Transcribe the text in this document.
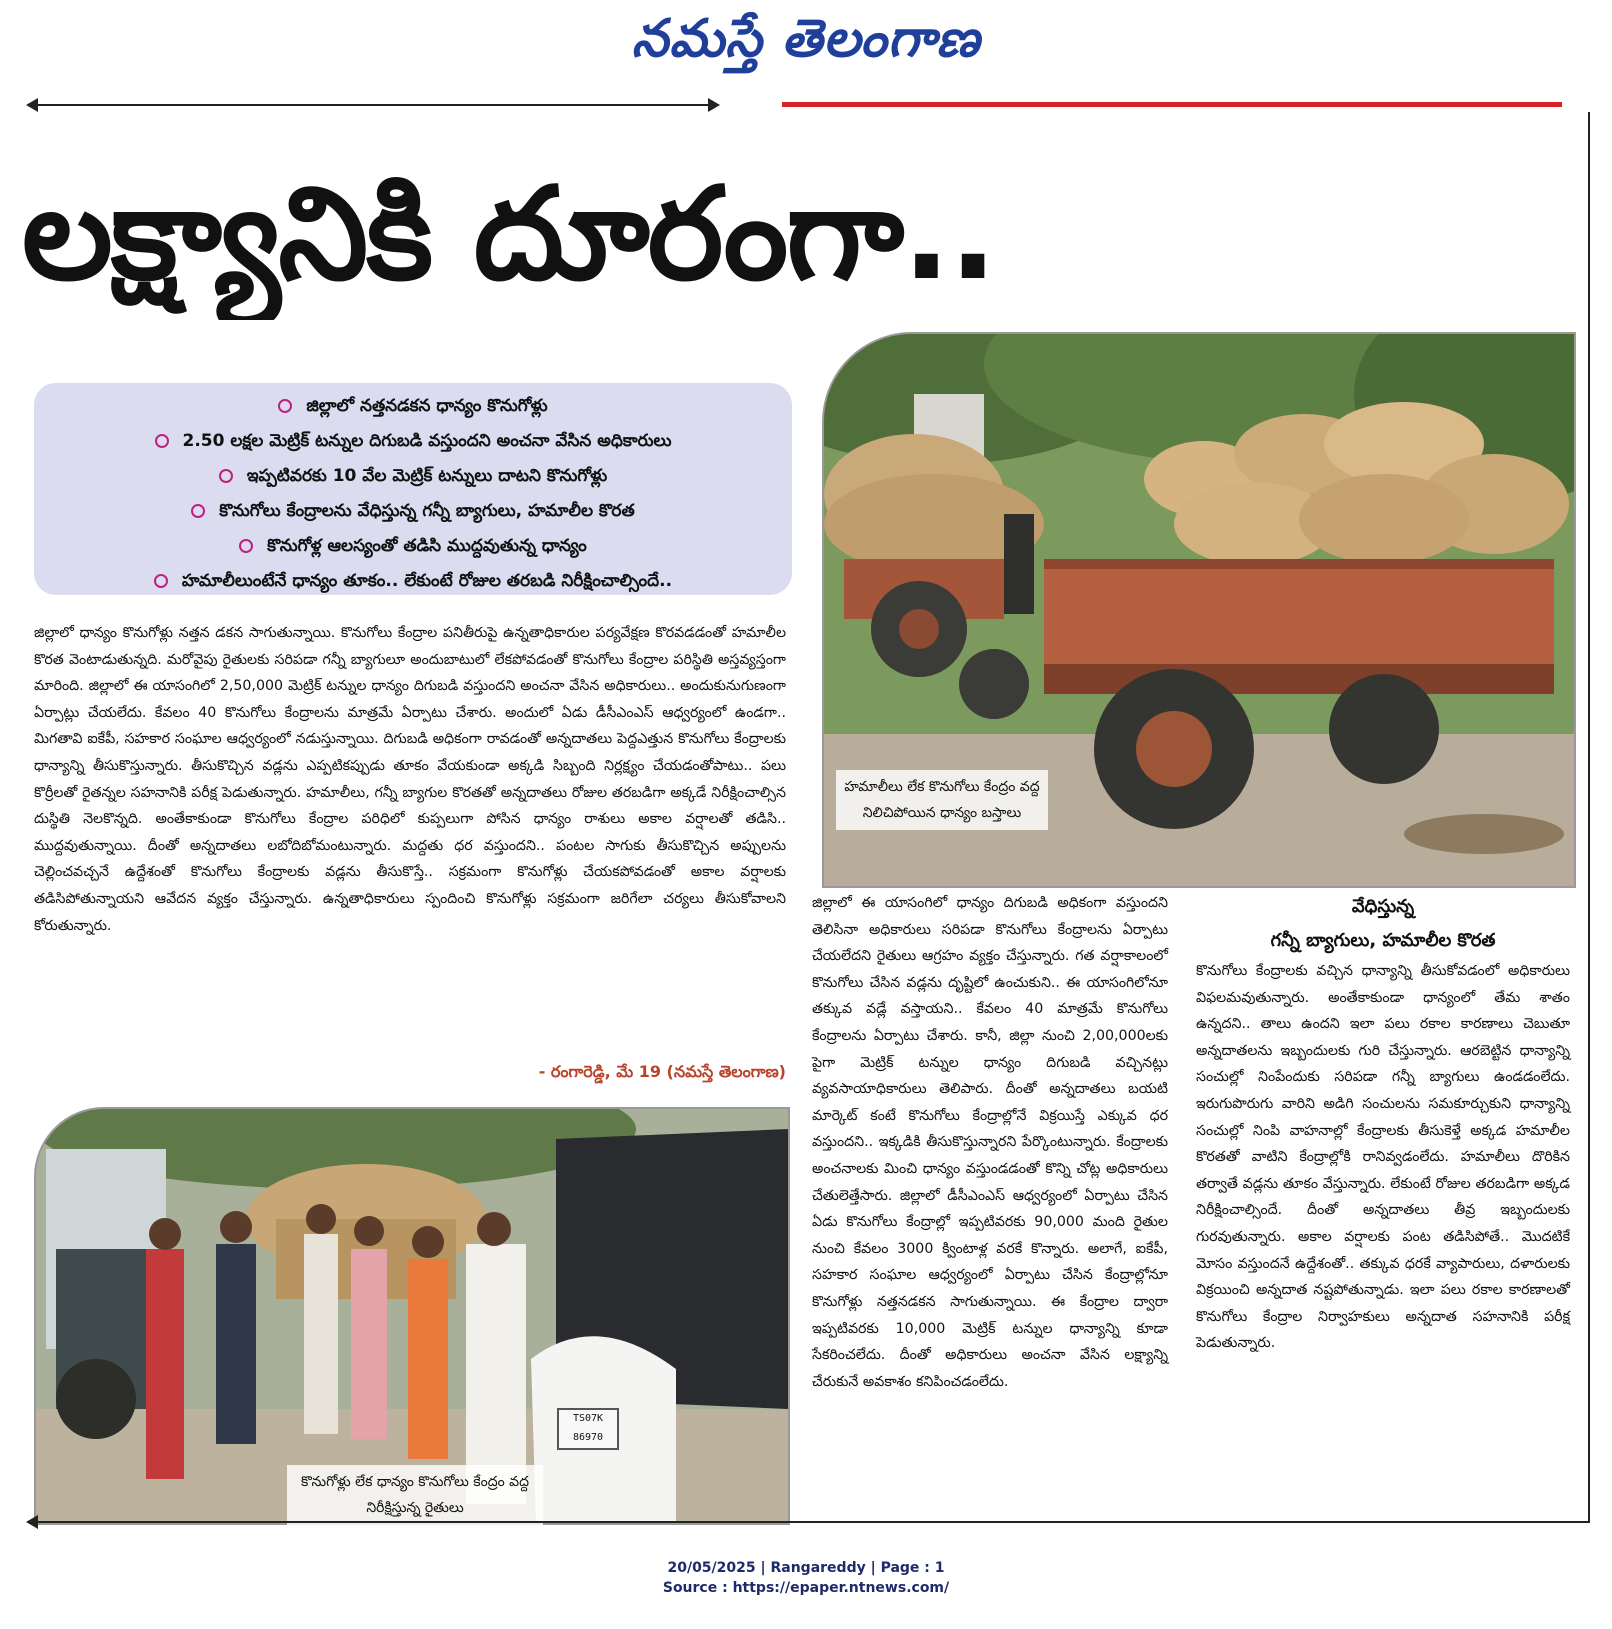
నమస్తే తెలంగాణ
లక్ష్యానికి దూరంగా..
జిల్లాలో నత్తనడకన ధాన్యం కొనుగోళ్లు
2.50 లక్షల మెట్రిక్ టన్నుల దిగుబడి వస్తుందని అంచనా వేసిన అధికారులు
ఇప్పటివరకు 10 వేల మెట్రిక్ టన్నులు దాటని కొనుగోళ్లు
కొనుగోలు కేంద్రాలను వేధిస్తున్న గన్నీ బ్యాగులు, హమాలీల కొరత
కొనుగోళ్ల ఆలస్యంతో తడిసి ముద్దవుతున్న ధాన్యం
హమాలీలుంటేనే ధాన్యం తూకం.. లేకుంటే రోజుల తరబడి నిరీక్షించాల్సిందే..
జిల్లాలో ధాన్యం కొనుగోళ్లు నత్తన డకన సాగుతున్నాయి. కొనుగోలు కేంద్రాల పనితీరుపై ఉన్నతాధికారుల పర్యవేక్షణ కొరవడడంతో హమాలీల కొరత వెంటాడుతున్నది. మరోవైపు రైతులకు సరిపడా గన్నీ బ్యాగులూ అందుబాటులో లేకపోవడంతో కొనుగోలు కేంద్రాల పరిస్థితి అస్తవ్యస్తంగా మారింది. జిల్లాలో ఈ యాసంగిలో 2,50,000 మెట్రిక్ టన్నుల ధాన్యం దిగుబడి వస్తుందని అంచనా వేసిన అధికారులు.. అందుకునుగుణంగా ఏర్పాట్లు చేయలేదు. కేవలం 40 కొనుగోలు కేంద్రాలను మాత్రమే ఏర్పాటు చేశారు. అందులో ఏడు డీసీఎంఎస్ ఆధ్వర్యంలో ఉండగా.. మిగతావి ఐకేపీ, సహకార సంఘాల ఆధ్వర్యంలో నడుస్తున్నాయి. దిగుబడి అధికంగా రావడంతో అన్నదాతలు పెద్దఎత్తున కొనుగోలు కేంద్రాలకు ధాన్యాన్ని తీసుకొస్తున్నారు. తీసుకొచ్చిన వడ్లను ఎప్పటికప్పుడు తూకం వేయకుండా అక్కడి సిబ్బంది నిర్లక్ష్యం చేయడంతోపాటు.. పలు కొర్రీలతో రైతన్నల సహనానికి పరీక్ష పెడుతున్నారు. హమాలీలు, గన్నీ బ్యాగుల కొరతతో అన్నదాతలు రోజుల తరబడిగా అక్కడే నిరీక్షించాల్సిన దుస్థితి నెలకొన్నది. అంతేకాకుండా కొనుగోలు కేంద్రాల పరిధిలో కుప్పలుగా పోసిన ధాన్యం రాశులు అకాల వర్షాలతో తడిసి.. ముద్దవుతున్నాయి. దీంతో అన్నదాతలు లబోదిబోమంటున్నారు. మద్దతు ధర వస్తుందని.. పంటల సాగుకు తీసుకొచ్చిన అప్పులను చెల్లించవచ్చనే ఉద్దేశంతో కొనుగోలు కేంద్రాలకు వడ్లను తీసుకొస్తే.. సక్రమంగా కొనుగోళ్లు చేయకపోవడంతో అకాల వర్షాలకు తడిసిపోతున్నాయని ఆవేదన వ్యక్తం చేస్తున్నారు. ఉన్నతాధికారులు స్పందించి కొనుగోళ్లు సక్రమంగా జరిగేలా చర్యలు తీసుకోవాలని కోరుతున్నారు.
- రంగారెడ్డి, మే 19 (నమస్తే తెలంగాణ)
హమాలీలు లేక కొనుగోలు కేంద్రం వద్ద నిలిచిపోయిన ధాన్యం బస్తాలు
TS07K 86970
కొనుగోళ్లు లేక ధాన్యం కొనుగోలు కేంద్రం వద్ద నిరీక్షిస్తున్న రైతులు
జిల్లాలో ఈ యాసంగిలో ధాన్యం దిగుబడి అధికంగా వస్తుందని తెలిసినా అధికారులు సరిపడా కొనుగోలు కేంద్రాలను ఏర్పాటు చేయలేదని రైతులు ఆగ్రహం వ్యక్తం చేస్తున్నారు. గత వర్షాకాలంలో కొనుగోలు చేసిన వడ్లను దృష్టిలో ఉంచుకుని.. ఈ యాసంగిలోనూ తక్కువ వడ్లే వస్తాయని.. కేవలం 40 మాత్రమే కొనుగోలు కేంద్రాలను ఏర్పాటు చేశారు. కానీ, జిల్లా నుంచి 2,00,000లకు పైగా మెట్రిక్ టన్నుల ధాన్యం దిగుబడి వచ్చినట్లు వ్యవసాయాధికారులు తెలిపారు. దీంతో అన్నదాతలు బయటి మార్కెట్ కంటే కొనుగోలు కేంద్రాల్లోనే విక్రయిస్తే ఎక్కువ ధర వస్తుందని.. ఇక్కడికి తీసుకొస్తున్నారని పేర్కొంటున్నారు. కేంద్రాలకు అంచనాలకు మించి ధాన్యం వస్తుండడంతో కొన్ని చోట్ల అధికారులు చేతులెత్తేసారు. జిల్లాలో డీసీఎంఎస్ ఆధ్వర్యంలో ఏర్పాటు చేసిన ఏడు కొనుగోలు కేంద్రాల్లో ఇప్పటివరకు 90,000 మంది రైతుల నుంచి కేవలం 3000 క్వింటాళ్ల వరకే కొన్నారు. అలాగే, ఐకేపీ, సహకార సంఘాల ఆధ్వర్యంలో ఏర్పాటు చేసిన కేంద్రాల్లోనూ కొనుగోళ్లు నత్తనడకన సాగుతున్నాయి. ఈ కేంద్రాల ద్వారా ఇప్పటివరకు 10,000 మెట్రిక్ టన్నుల ధాన్యాన్ని కూడా సేకరించలేదు. దీంతో అధికారులు అంచనా వేసిన లక్ష్యాన్ని చేరుకునే అవకాశం కనిపించడంలేదు.
వేధిస్తున్న
గన్నీ బ్యాగులు, హమాలీల కొరత
కొనుగోలు కేంద్రాలకు వచ్చిన ధాన్యాన్ని తీసుకోవడంలో అధికారులు విఫలమవుతున్నారు. అంతేకాకుండా ధాన్యంలో తేమ శాతం ఉన్నదని.. తాలు ఉందని ఇలా పలు రకాల కారణాలు చెబుతూ అన్నదాతలను ఇబ్బందులకు గురి చేస్తున్నారు. ఆరబెట్టిన ధాన్యాన్ని సంచుల్లో నింపేందుకు సరిపడా గన్నీ బ్యాగులు ఉండడంలేదు. ఇరుగుపొరుగు వారిని అడిగి సంచులను సమకూర్చుకుని ధాన్యాన్ని సంచుల్లో నింపి వాహనాల్లో కేంద్రాలకు తీసుకెళ్తే అక్కడ హమాలీల కొరతతో వాటిని కేంద్రాల్లోకి రానివ్వడంలేదు. హమాలీలు దొరికిన తర్వాతే వడ్లను తూకం వేస్తున్నారు. లేకుంటే రోజుల తరబడిగా అక్కడ నిరీక్షించాల్సిందే. దీంతో అన్నదాతలు తీవ్ర ఇబ్బందులకు గురవుతున్నారు. అకాల వర్షాలకు పంట తడిసిపోతే.. మొదటికే మోసం వస్తుందనే ఉద్దేశంతో.. తక్కువ ధరకే వ్యాపారులు, దళారులకు విక్రయించి అన్నదాత నష్టపోతున్నాడు. ఇలా పలు రకాల కారణాలతో కొనుగోలు కేంద్రాల నిర్వాహకులు అన్నదాత సహనానికి పరీక్ష పెడుతున్నారు.
20/05/2025 | Rangareddy | Page : 1
Source : https://epaper.ntnews.com/
